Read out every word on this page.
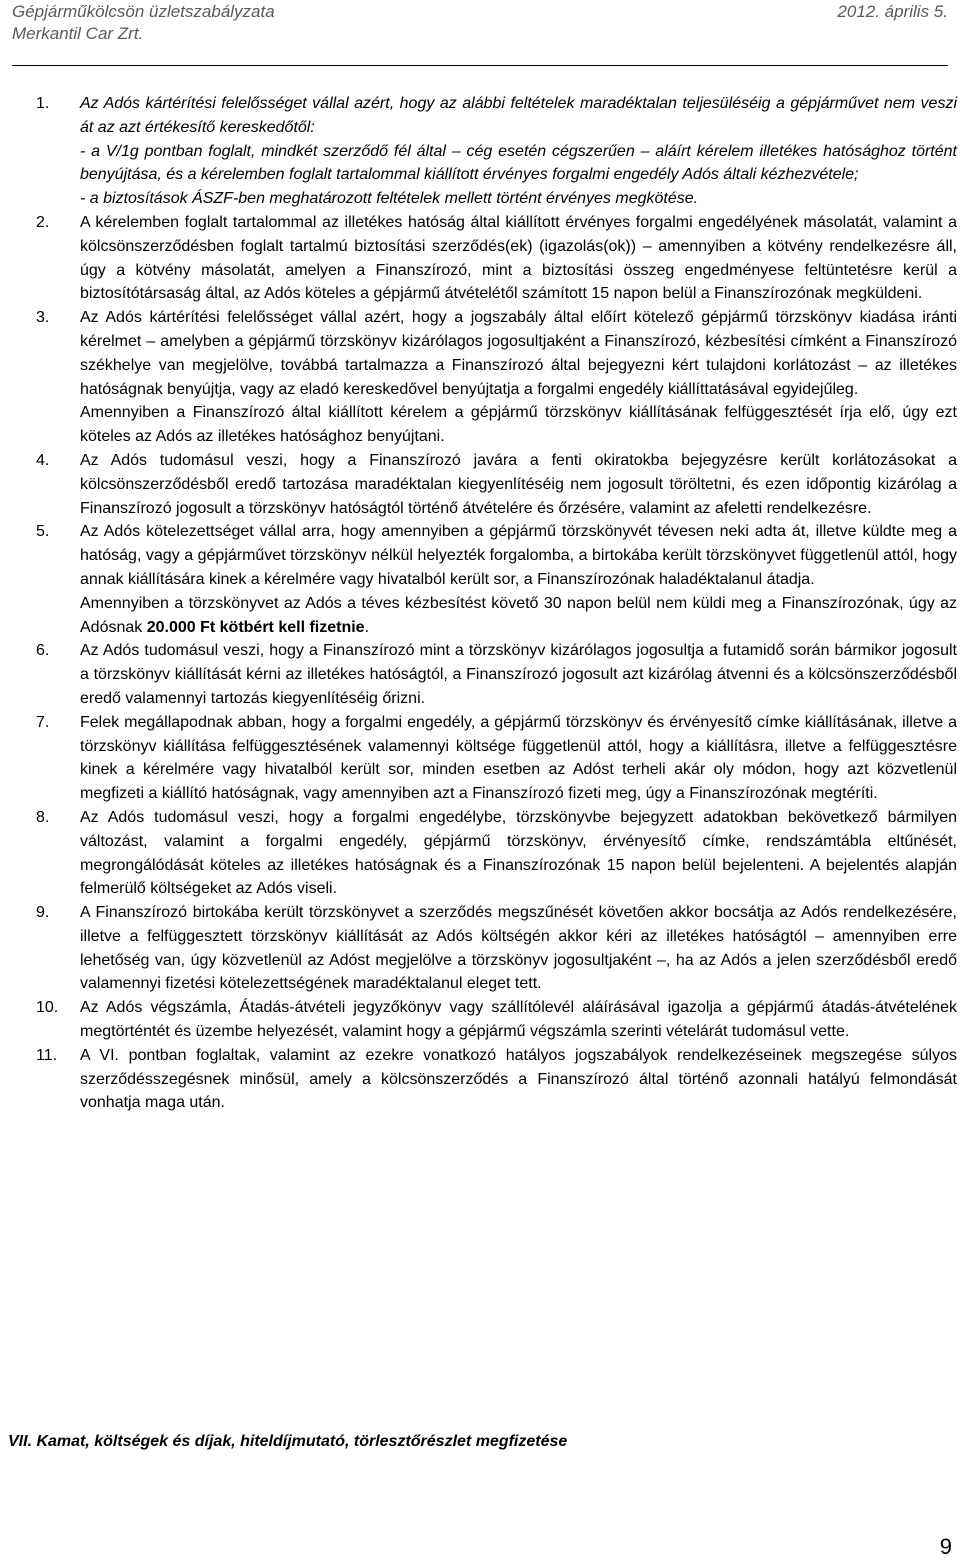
Gépjárműkölcsön üzletszabályzata
Merkantil Car Zrt.
2012. április 5.
1. Az Adós kártérítési felelősséget vállal azért, hogy az alábbi feltételek maradéktalan teljesüléséig a gépjárművet nem veszi át az azt értékesítő kereskedőtől:

- a V/1g pontban foglalt, mindkét szerződő fél által – cég esetén cégszerűen – aláírt kérelem illetékes hatósághoz történt benyújtása, és a kérelemben foglalt tartalommal kiállított érvényes forgalmi engedély Adós általi kézhezvétele;

- a biztosítások ÁSZF-ben meghatározott feltételek mellett történt érvényes megkötése.

2. A kérelemben foglalt tartalommal az illetékes hatóság által kiállított érvényes forgalmi engedélyének másolatát, valamint a kölcsönszerződésben foglalt tartalmú biztosítási szerződés(ek) (igazolás(ok)) – amennyiben a kötvény rendelkezésre áll, úgy a kötvény másolatát, amelyen a Finanszírozó, mint a biztosítási összeg engedményese feltüntetésre kerül a biztosítótársaság által, az Adós köteles a gépjármű átvételétől számított 15 napon belül a Finanszírozónak megküldeni.

3. Az Adós kártérítési felelősséget vállal azért, hogy a jogszabály által előírt kötelező gépjármű törzskönyv kiadása iránti kérelmet – amelyben a gépjármű törzskönyv kizárólagos jogosultjaként a Finanszírozó, kézbesítési címként a Finanszírozó székhelye van megjelölve, továbbá tartalmazza a Finanszírozó által bejegyezni kért tulajdoni korlátozást – az illetékes hatóságnak benyújtja, vagy az eladó kereskedővel benyújtatja a forgalmi engedély kiállíttatásával egyidejűleg.

Amennyiben a Finanszírozó által kiállított kérelem a gépjármű törzskönyv kiállításának felfüggesztését írja elő, úgy ezt köteles az Adós az illetékes hatósághoz benyújtani.

4. Az Adós tudomásul veszi, hogy a Finanszírozó javára a fenti okiratokba bejegyzésre került korlátozásokat a kölcsönszerződésből eredő tartozása maradéktalan kiegyenlítéséig nem jogosult töröltetni, és ezen időpontig kizárólag a Finanszírozó jogosult a törzskönyv hatóságtól történő átvételére és őrzésére, valamint az afeletti rendelkezésre.

5. Az Adós kötelezettséget vállal arra, hogy amennyiben a gépjármű törzskönyvét tévesen neki adta át, illetve küldte meg a hatóság, vagy a gépjárművet törzskönyv nélkül helyezték forgalomba, a birtokába került törzskönyvet függetlenül attól, hogy annak kiállítására kinek a kérelmére vagy hivatalból került sor, a Finanszírozónak haladéktalanul átadja.

Amennyiben a törzskönyvet az Adós a téves kézbesítést követő 30 napon belül nem küldi meg a Finanszírozónak, úgy az Adósnak 20.000 Ft kötbért kell fizetnie.

6. Az Adós tudomásul veszi, hogy a Finanszírozó mint a törzskönyv kizárólagos jogosultja a futamidő során bármikor jogosult a törzskönyv kiállítását kérni az illetékes hatóságtól, a Finanszírozó jogosult azt kizárólag átvenni és a kölcsönszerződésből eredő valamennyi tartozás kiegyenlítéséig őrizni.

7. Felek megállapodnak abban, hogy a forgalmi engedély, a gépjármű törzskönyv és érvényesítő címke kiállításának, illetve a törzskönyv kiállítása felfüggesztésének valamennyi költsége függetlenül attól, hogy a kiállításra, illetve a felfüggesztésre kinek a kérelmére vagy hivatalból került sor, minden esetben az Adóst terheli akár oly módon, hogy azt közvetlenül megfizeti a kiállító hatóságnak, vagy amennyiben azt a Finanszírozó fizeti meg, úgy a Finanszírozónak megtéríti.

8. Az Adós tudomásul veszi, hogy a forgalmi engedélybe, törzskönyvbe bejegyzett adatokban bekövetkező bármilyen változást, valamint a forgalmi engedély, gépjármű törzskönyv, érvényesítő címke, rendszámtábla eltűnését, megrongálódását köteles az illetékes hatóságnak és a Finanszírozónak 15 napon belül bejelenteni. A bejelentés alapján felmerülő költségeket az Adós viseli.

9. A Finanszírozó birtokába került törzskönyvet a szerződés megszűnését követően akkor bocsátja az Adós rendelkezésére, illetve a felfüggesztett törzskönyv kiállítását az Adós költségén akkor kéri az illetékes hatóságtól – amennyiben erre lehetőség van, úgy közvetlenül az Adóst megjelölve a törzskönyv jogosultjaként –, ha az Adós a jelen szerződésből eredő valamennyi fizetési kötelezettségének maradéktalanul eleget tett.

10. Az Adós végszámla, Átadás-átvételi jegyzőkönyv vagy szállítólevél aláírásával igazolja a gépjármű átadás-átvételének megtörténtét és üzembe helyezését, valamint hogy a gépjármű végszámla szerinti vételárát tudomásul vette.

11. A VI. pontban foglaltak, valamint az ezekre vonatkozó hatályos jogszabályok rendelkezéseinek megszegése súlyos szerződésszegésnek minősül, amely a kölcsönszerződés a Finanszírozó által történő azonnali hatályú felmondását vonhatja maga után.

VII. Kamat, költségek és díjak, hiteldíjmutató, törlesztőrészlet megfizetése
9
